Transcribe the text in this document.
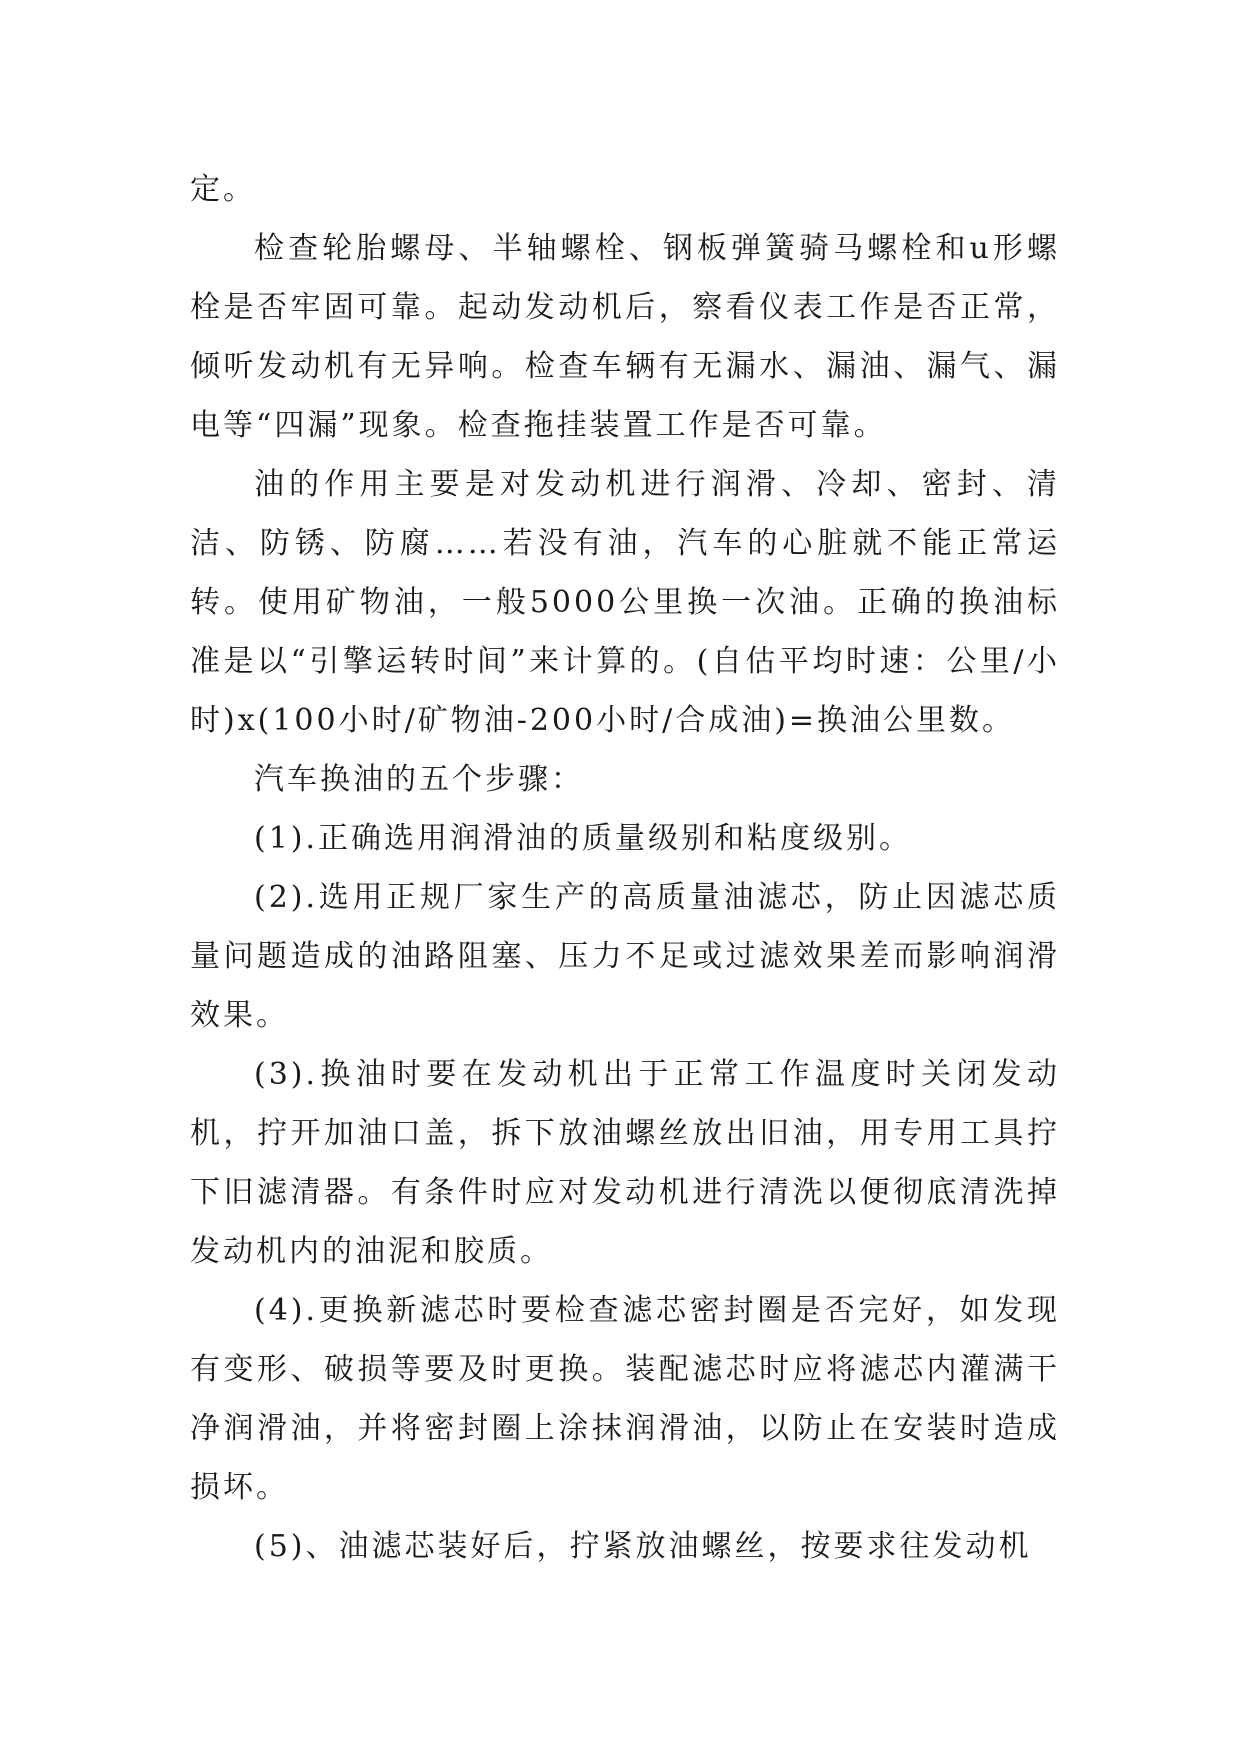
定。

检查轮胎螺母、半轴螺栓、钢板弹簧骑马螺栓和u形螺栓是否牢固可靠。起动发动机后，察看仪表工作是否正常，倾听发动机有无异响。检查车辆有无漏水、漏油、漏气、漏电等“四漏”现象。检查拖挂装置工作是否可靠。

油的作用主要是对发动机进行润滑、冷却、密封、清洁、防锈、防腐……若没有油，汽车的心脏就不能正常运转。使用矿物油，一般5000公里换一次油。正确的换油标准是以“引擎运转时间”来计算的。(自估平均时速：公里/小时)x(100小时/矿物油-200小时/合成油)=换油公里数。

汽车换油的五个步骤：

(1).正确选用润滑油的质量级别和粘度级别。

(2).选用正规厂家生产的高质量油滤芯，防止因滤芯质量问题造成的油路阻塞、压力不足或过滤效果差而影响润滑效果。

(3).换油时要在发动机出于正常工作温度时关闭发动机，拧开加油口盖，拆下放油螺丝放出旧油，用专用工具拧下旧滤清器。有条件时应对发动机进行清洗以便彻底清洗掉发动机内的油泥和胶质。

(4).更换新滤芯时要检查滤芯密封圈是否完好，如发现有变形、破损等要及时更换。装配滤芯时应将滤芯内灌满干净润滑油，并将密封圈上涂抹润滑油，以防止在安装时造成损坏。

(5)、油滤芯装好后，拧紧放油螺丝，按要求往发动机
